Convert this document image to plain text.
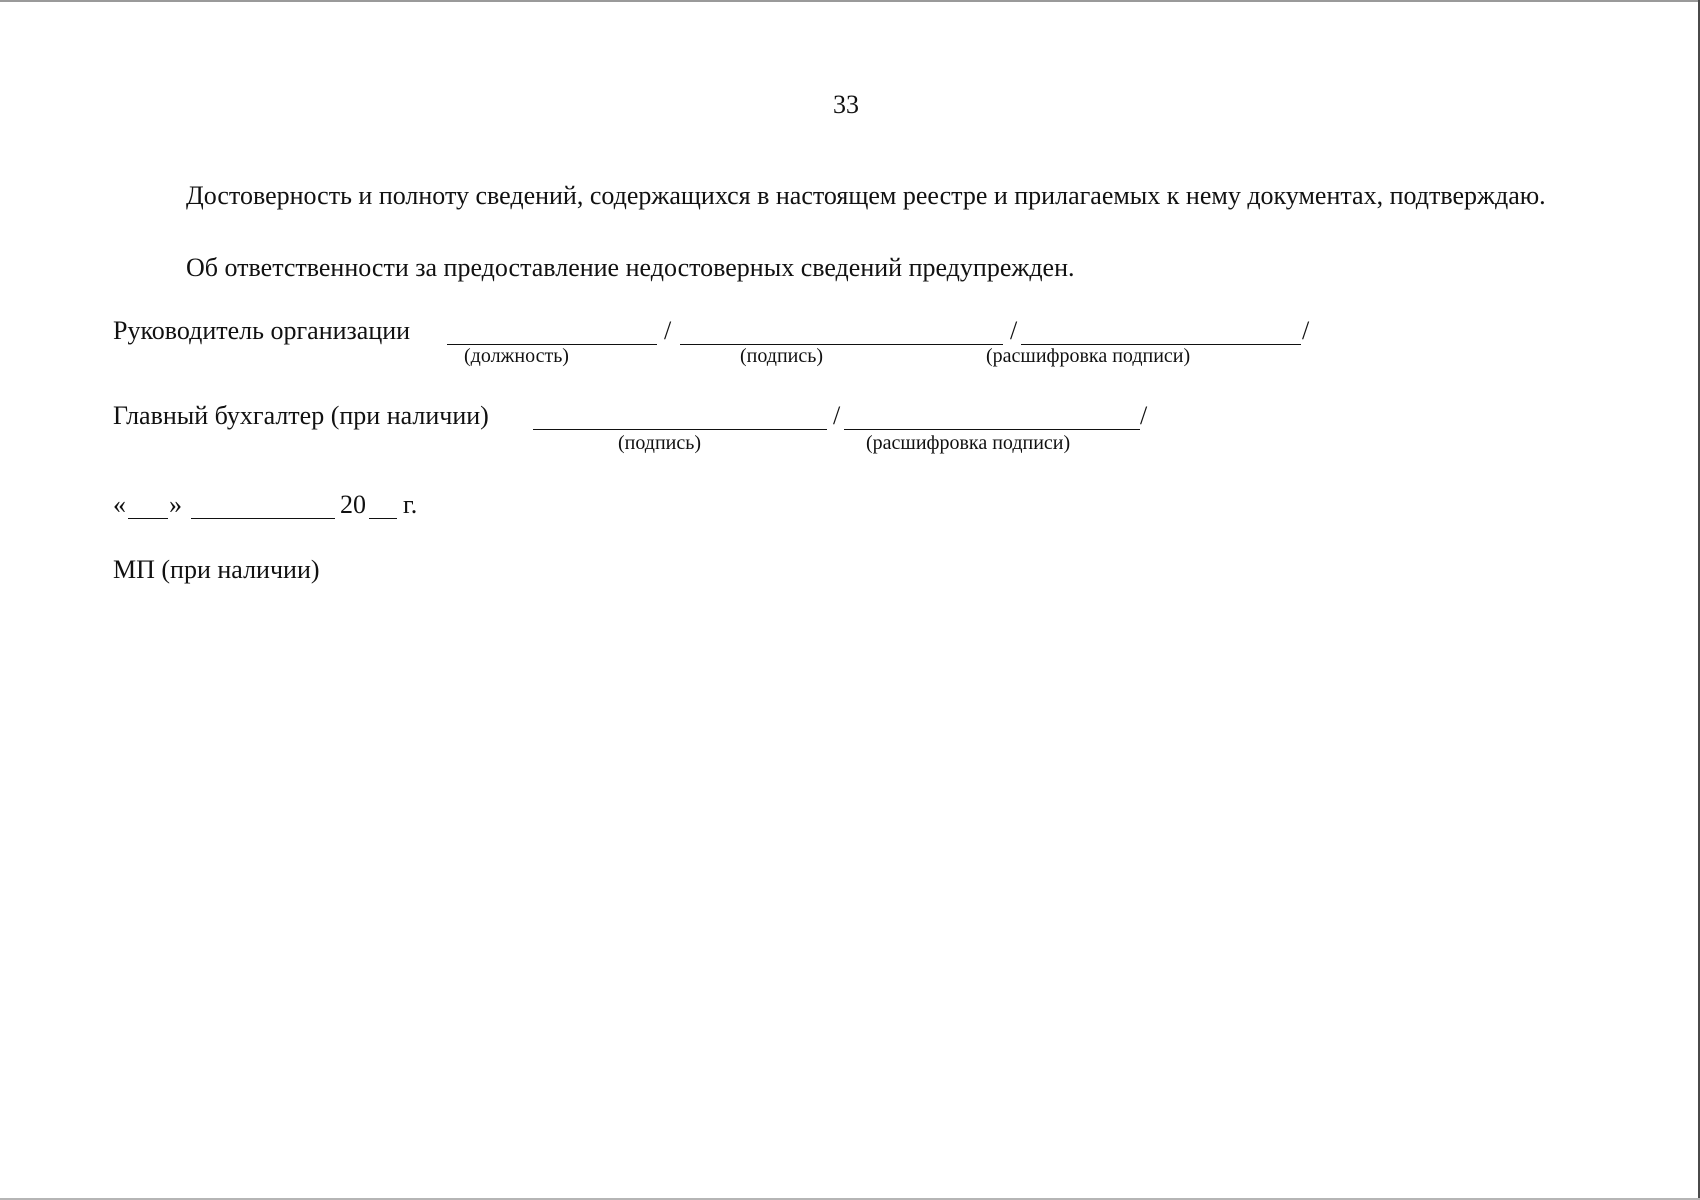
33
Достоверность и полноту сведений, содержащихся в настоящем реестре и прилагаемых к нему документах, подтверждаю.
Об ответственности за предоставление недостоверных сведений предупрежден.
Руководитель организации	/	/	/
(должность)	(подпись)	(расшифровка подписи)
Главный бухгалтер (при наличии)	/	/
(подпись)	(расшифровка подписи)
« »	20 г.
МП (при наличии)
